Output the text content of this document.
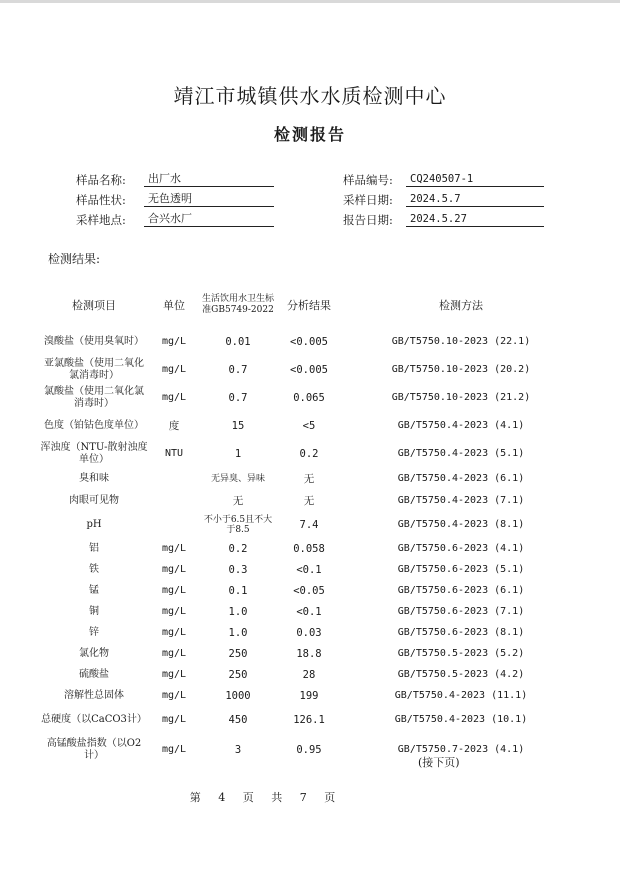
靖江市城镇供水水质检测中心
检测报告
样品名称:	出厂水
样品性状:	无色透明
采样地点:	合兴水厂
样品编号:	CQ240507-1
采样日期:	2024.5.7
报告日期:	2024.5.27
检测结果:
检测项目	单位	生活饮用水卫生标准GB5749-2022	分析结果	检测方法
溴酸盐（使用臭氧时）	mg/L	0.01	<0.005	GB/T5750.10-2023 (22.1)
亚氯酸盐（使用二氧化氯消毒时）	mg/L	0.7	<0.005	GB/T5750.10-2023 (20.2)
氯酸盐（使用二氧化氯消毒时）	mg/L	0.7	0.065	GB/T5750.10-2023 (21.2)
色度（铂钴色度单位）	度	15	<5	GB/T5750.4-2023 (4.1)
浑浊度（NTU-散射浊度单位）	NTU	1	0.2	GB/T5750.4-2023 (5.1)
臭和味		无异臭、异味	无	GB/T5750.4-2023 (6.1)
肉眼可见物		无	无	GB/T5750.4-2023 (7.1)
pH		不小于6.5且不大于8.5	7.4	GB/T5750.4-2023 (8.1)
铝	mg/L	0.2	0.058	GB/T5750.6-2023 (4.1)
铁	mg/L	0.3	<0.1	GB/T5750.6-2023 (5.1)
锰	mg/L	0.1	<0.05	GB/T5750.6-2023 (6.1)
铜	mg/L	1.0	<0.1	GB/T5750.6-2023 (7.1)
锌	mg/L	1.0	0.03	GB/T5750.6-2023 (8.1)
氯化物	mg/L	250	18.8	GB/T5750.5-2023 (5.2)
硫酸盐	mg/L	250	28	GB/T5750.5-2023 (4.2)
溶解性总固体	mg/L	1000	199	GB/T5750.4-2023 (11.1)
总硬度（以CaCO3计）	mg/L	450	126.1	GB/T5750.4-2023 (10.1)
高锰酸盐指数（以O2计）	mg/L	3	0.95	GB/T5750.7-2023 (4.1)
(接下页)
第 4 页 共 7 页
